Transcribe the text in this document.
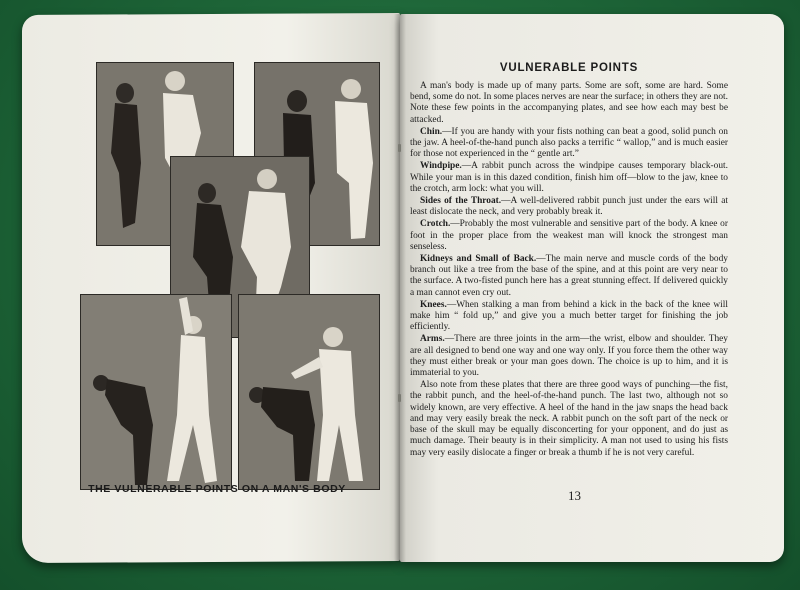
THE VULNERABLE POINTS ON A MAN'S BODY
VULNERABLE POINTS

A man's body is made up of many parts. Some are soft, some are hard. Some bend, some do not. In some places nerves are near the surface; in others they are not. Note these few points in the accompanying plates, and see how each may best be attacked.

Chin.—If you are handy with your fists nothing can beat a good, solid punch on the jaw. A heel-of-the-hand punch also packs a terrific “ wallop,” and is much easier for those not experienced in the “ gentle art.”

Windpipe.—A rabbit punch across the windpipe causes temporary black-out. While your man is in this dazed condition, finish him off—blow to the jaw, knee to the crotch, arm lock: what you will.

Sides of the Throat.—A well-delivered rabbit punch just under the ears will at least dislocate the neck, and very probably break it.

Crotch.—Probably the most vulnerable and sensitive part of the body. A knee or foot in the proper place from the weakest man will knock the strongest man senseless.

Kidneys and Small of Back.—The main nerve and muscle cords of the body branch out like a tree from the base of the spine, and at this point are very near to the surface. A two-fisted punch here has a great stunning effect. If delivered quickly a man cannot even cry out.

Knees.—When stalking a man from behind a kick in the back of the knee will make him “ fold up,” and give you a much better target for finishing the job efficiently.

Arms.—There are three joints in the arm—the wrist, elbow and shoulder. They are all designed to bend one way and one way only. If you force them the other way they must either break or your man goes down. The choice is up to him, and it is immaterial to you.

Also note from these plates that there are three good ways of punching—the fist, the rabbit punch, and the heel-of-the-hand punch. The last two, although not so widely known, are very effective. A heel of the hand in the jaw snaps the head back and may very easily break the neck. A rabbit punch on the soft part of the neck or base of the skull may be equally disconcerting for your opponent, and do just as much damage. Their beauty is in their simplicity. A man not used to using his fists may very easily dislocate a finger or break a thumb if he is not very careful.

13
